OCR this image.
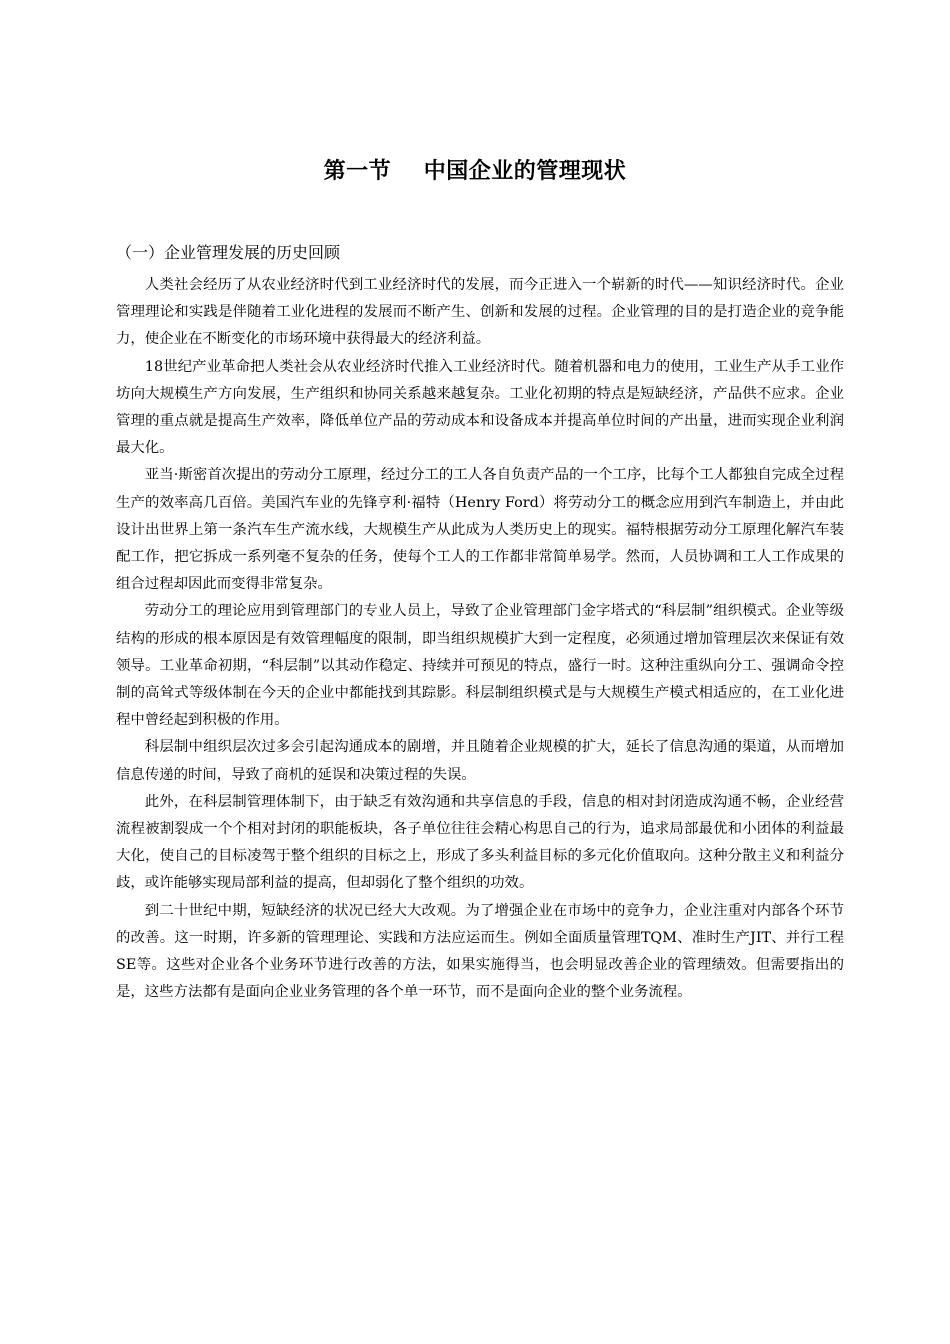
第一节    中国企业的管理现状
（一）企业管理发展的历史回顾

人类社会经历了从农业经济时代到工业经济时代的发展，而今正进入一个崭新的时代——知识经济时代。企业管理理论和实践是伴随着工业化进程的发展而不断产生、创新和发展的过程。企业管理的目的是打造企业的竞争能力，使企业在不断变化的市场环境中获得最大的经济利益。

18世纪产业革命把人类社会从农业经济时代推入工业经济时代。随着机器和电力的使用，工业生产从手工业作坊向大规模生产方向发展，生产组织和协同关系越来越复杂。工业化初期的特点是短缺经济，产品供不应求。企业管理的重点就是提高生产效率，降低单位产品的劳动成本和设备成本并提高单位时间的产出量，进而实现企业利润最大化。

亚当·斯密首次提出的劳动分工原理，经过分工的工人各自负责产品的一个工序，比每个工人都独自完成全过程生产的效率高几百倍。美国汽车业的先锋亨利·福特（Henry Ford）将劳动分工的概念应用到汽车制造上，并由此设计出世界上第一条汽车生产流水线，大规模生产从此成为人类历史上的现实。福特根据劳动分工原理化解汽车装配工作，把它拆成一系列毫不复杂的任务，使每个工人的工作都非常简单易学。然而，人员协调和工人工作成果的组合过程却因此而变得非常复杂。

劳动分工的理论应用到管理部门的专业人员上，导致了企业管理部门金字塔式的“科层制”组织模式。企业等级结构的形成的根本原因是有效管理幅度的限制，即当组织规模扩大到一定程度，必须通过增加管理层次来保证有效领导。工业革命初期，“科层制”以其动作稳定、持续并可预见的特点，盛行一时。这种注重纵向分工、强调命令控制的高耸式等级体制在今天的企业中都能找到其踪影。科层制组织模式是与大规模生产模式相适应的，在工业化进程中曾经起到积极的作用。

科层制中组织层次过多会引起沟通成本的剧增，并且随着企业规模的扩大，延长了信息沟通的渠道，从而增加信息传递的时间，导致了商机的延误和决策过程的失误。

此外，在科层制管理体制下，由于缺乏有效沟通和共享信息的手段，信息的相对封闭造成沟通不畅，企业经营流程被割裂成一个个相对封闭的职能板块，各子单位往往会精心构思自己的行为，追求局部最优和小团体的利益最大化，使自己的目标凌驾于整个组织的目标之上，形成了多头利益目标的多元化价值取向。这种分散主义和利益分歧，或许能够实现局部利益的提高，但却弱化了整个组织的功效。

到二十世纪中期，短缺经济的状况已经大大改观。为了增强企业在市场中的竞争力，企业注重对内部各个环节的改善。这一时期，许多新的管理理论、实践和方法应运而生。例如全面质量管理TQM、准时生产JIT、并行工程SE等。这些对企业各个业务环节进行改善的方法，如果实施得当，也会明显改善企业的管理绩效。但需要指出的是，这些方法都有是面向企业业务管理的各个单一环节，而不是面向企业的整个业务流程。
